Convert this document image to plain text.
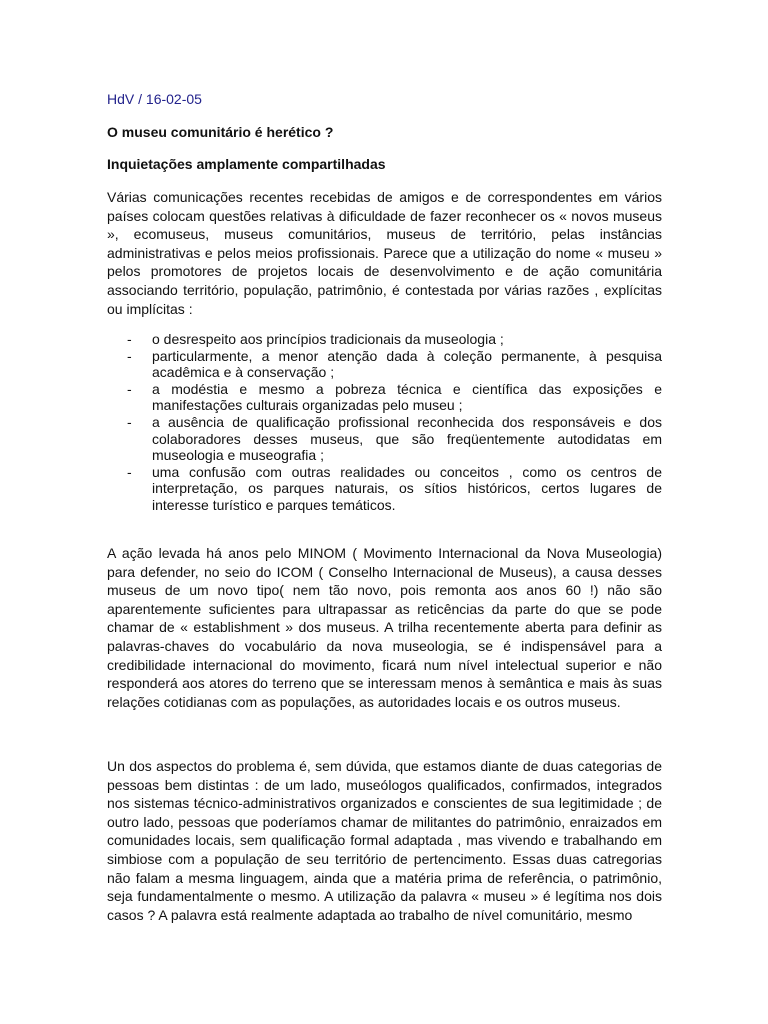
HdV / 16-02-05
O museu comunitário é herético ?
Inquietações amplamente compartilhadas

Várias comunicações recentes recebidas de amigos e de correspondentes em vários países colocam questões relativas à dificuldade de fazer reconhecer os « novos museus », ecomuseus, museus comunitários, museus de território, pelas instâncias administrativas e pelos meios profissionais. Parece que a utilização do nome « museu » pelos promotores de projetos locais de desenvolvimento e de ação comunitária associando território, população, patrimônio, é contestada por várias razões , explícitas ou implícitas :

- o desrespeito aos princípios tradicionais da museologia ;
- particularmente, a menor atenção dada à coleção permanente, à pesquisa acadêmica e à conservação ;
- a modéstia e mesmo a pobreza técnica e científica das exposições e manifestações culturais organizadas pelo museu ;
- a ausência de qualificação profissional reconhecida dos responsáveis e dos colaboradores desses museus, que são freqüentemente autodidatas em museologia e museografia ;
- uma confusão com outras realidades ou conceitos , como os centros de interpretação, os parques naturais, os sítios históricos, certos lugares de interesse turístico e parques temáticos.

A ação levada há anos pelo MINOM ( Movimento Internacional da Nova Museologia) para defender, no seio do ICOM ( Conselho Internacional de Museus), a causa desses museus de um novo tipo( nem tão novo, pois remonta aos anos 60 !) não são aparentemente suficientes para ultrapassar as reticências da parte do que se pode chamar de « establishment » dos museus. A trilha recentemente aberta para definir as palavras-chaves do vocabulário da nova museologia, se é indispensável para a credibilidade internacional do movimento, ficará num nível intelectual superior e não responderá aos atores do terreno que se interessam menos à semântica e mais às suas relações cotidianas com as populações, as autoridades locais e os outros museus.

Un dos aspectos do problema é, sem dúvida, que estamos diante de duas categorias de pessoas bem distintas : de um lado, museólogos qualificados, confirmados, integrados nos sistemas técnico-administrativos organizados e conscientes de sua legitimidade ; de outro lado, pessoas que poderíamos chamar de militantes do patrimônio, enraizados em comunidades locais, sem qualificação formal adaptada , mas vivendo e trabalhando em simbiose com a população de seu território de pertencimento. Essas duas catregorias não falam a mesma linguagem, ainda que a matéria prima de referência, o patrimônio, seja fundamentalmente o mesmo. A utilização da palavra « museu » é legítima nos dois casos ? A palavra está realmente adaptada ao trabalho de nível comunitário, mesmo
